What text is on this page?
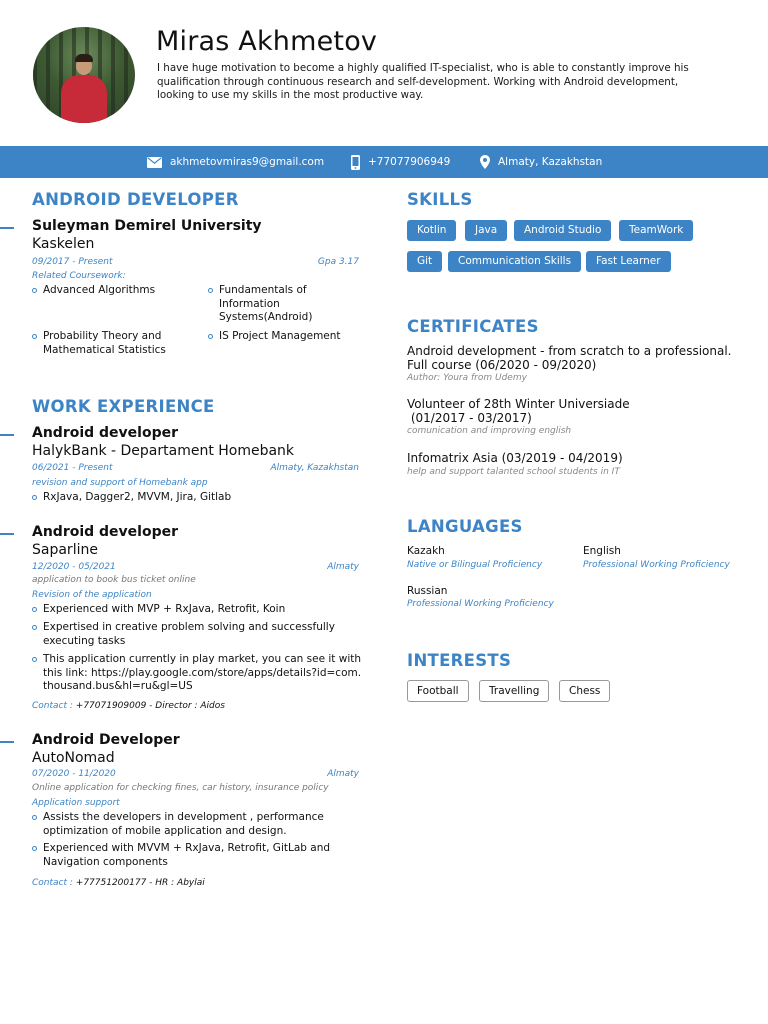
Miras Akhmetov
I have huge motivation to become a highly qualified IT-specialist, who is able to constantly improve his qualification through continuous research and self-development. Working with Android development, looking to use my skills in the most productive way.
akhmetovmiras9@gmail.com	+77077906949	Almaty, Kazakhstan
ANDROID DEVELOPER
Suleyman Demirel University
Kaskelen
09/2017 - Present	Gpa 3.17
Related Coursework:
Advanced Algorithms	Fundamentals of Information Systems(Android)
Probability Theory and Mathematical Statistics
IS Project Management
WORK EXPERIENCE
Android developer
HalykBank - Departament Homebank
06/2021 - Present	Almaty, Kazakhstan
revision and support of Homebank app
RxJava, Dagger2, MVVM, Jira, Gitlab
Android developer
Saparline
12/2020 - 05/2021	Almaty
application to book bus ticket online
Revision of the application
Experienced with MVP + RxJava, Retrofit, Koin
Expertised in creative problem solving and successfully executing tasks
This application currently in play market, you can see it with this link: https://play.google.com/store/apps/details?id=com.thousand.bus&hl=ru&gl=US
Contact : +77071909009 - Director : Aidos
Android Developer
AutoNomad
07/2020 - 11/2020	Almaty
Online application for checking fines, car history, insurance policy
Application support
Assists the developers in development , performance optimization of mobile application and design.
Experienced with MVVM + RxJava, Retrofit, GitLab and Navigation components
Contact : +77751200177 - HR : Abylai
SKILLS
Kotlin	Java	Android Studio	TeamWork
Git	Communication Skills	Fast Learner
CERTIFICATES
Android development - from scratch to a professional. Full course (06/2020 - 09/2020)
Author: Youra from Udemy
Volunteer of 28th Winter Universiade
(01/2017 - 03/2017)
comunication and improving english
Infomatrix Asia (03/2019 - 04/2019)
help and support talanted school students in IT
LANGUAGES
Kazakh
Native or Bilingual Proficiency
English
Professional Working Proficiency
Russian
Professional Working Proficiency
INTERESTS
Football	Travelling	Chess
